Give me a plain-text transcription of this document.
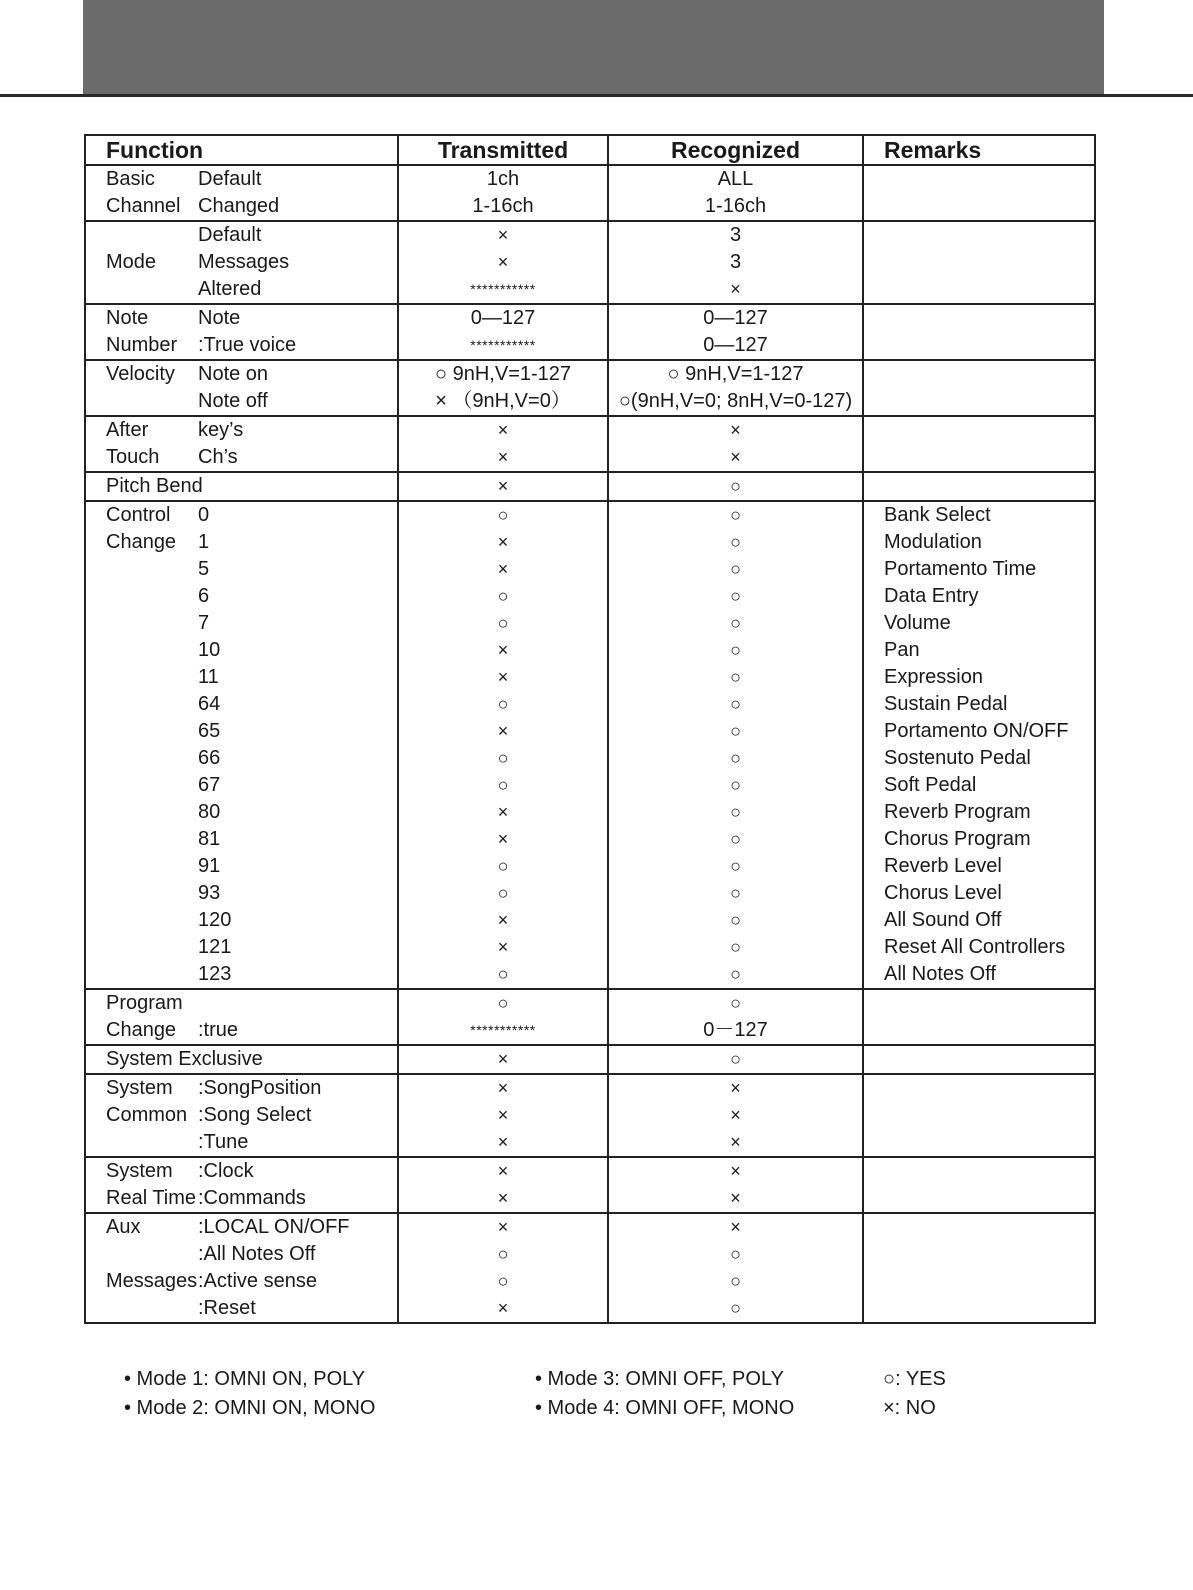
Function		Transmitted	Recognized	Remarks
Basic	Default	1ch	ALL	
Channel	Changed	1-16ch	1-16ch	
	Default	×	3	
Mode	Messages	×	3	
	Altered	***********	×	
Note	Note	0—127	0—127	
Number	:True voice	***********	0—127	
Velocity	Note on	○ 9nH,V=1-127	○ 9nH,V=1-127	
	Note off	× （9nH,V=0）	○(9nH,V=0; 8nH,V=0-127)	
After	key’s	×	×	
Touch	Ch’s	×	×	
Pitch Bend		×	○	
Control	0	○	○	Bank Select
Change	1	×	○	Modulation
	5	×	○	Portamento Time
	6	○	○	Data Entry
	7	○	○	Volume
	10	×	○	Pan
	11	×	○	Expression
	64	○	○	Sustain Pedal
	65	×	○	Portamento ON/OFF
	66	○	○	Sostenuto Pedal
	67	○	○	Soft Pedal
	80	×	○	Reverb Program
	81	×	○	Chorus Program
	91	○	○	Reverb Level
	93	○	○	Chorus Level
	120	×	○	All Sound Off
	121	×	○	Reset All Controllers
	123	○	○	All Notes Off
Program		○	○	
Change	:true	***********	0－127	
System Exclusive		×	○	
System	:SongPosition	×	×	
Common	:Song Select	×	×	
	:Tune	×	×	
System	:Clock	×	×	
Real Time	:Commands	×	×	
Aux	:LOCAL ON/OFF	×	×	
	:All Notes Off	○	○	
Messages	:Active sense	○	○	
	:Reset	×	○	
• Mode 1: OMNI ON, POLY
• Mode 2: OMNI ON, MONO
• Mode 3: OMNI OFF, POLY
• Mode 4: OMNI OFF, MONO
○: YES
×: NO
